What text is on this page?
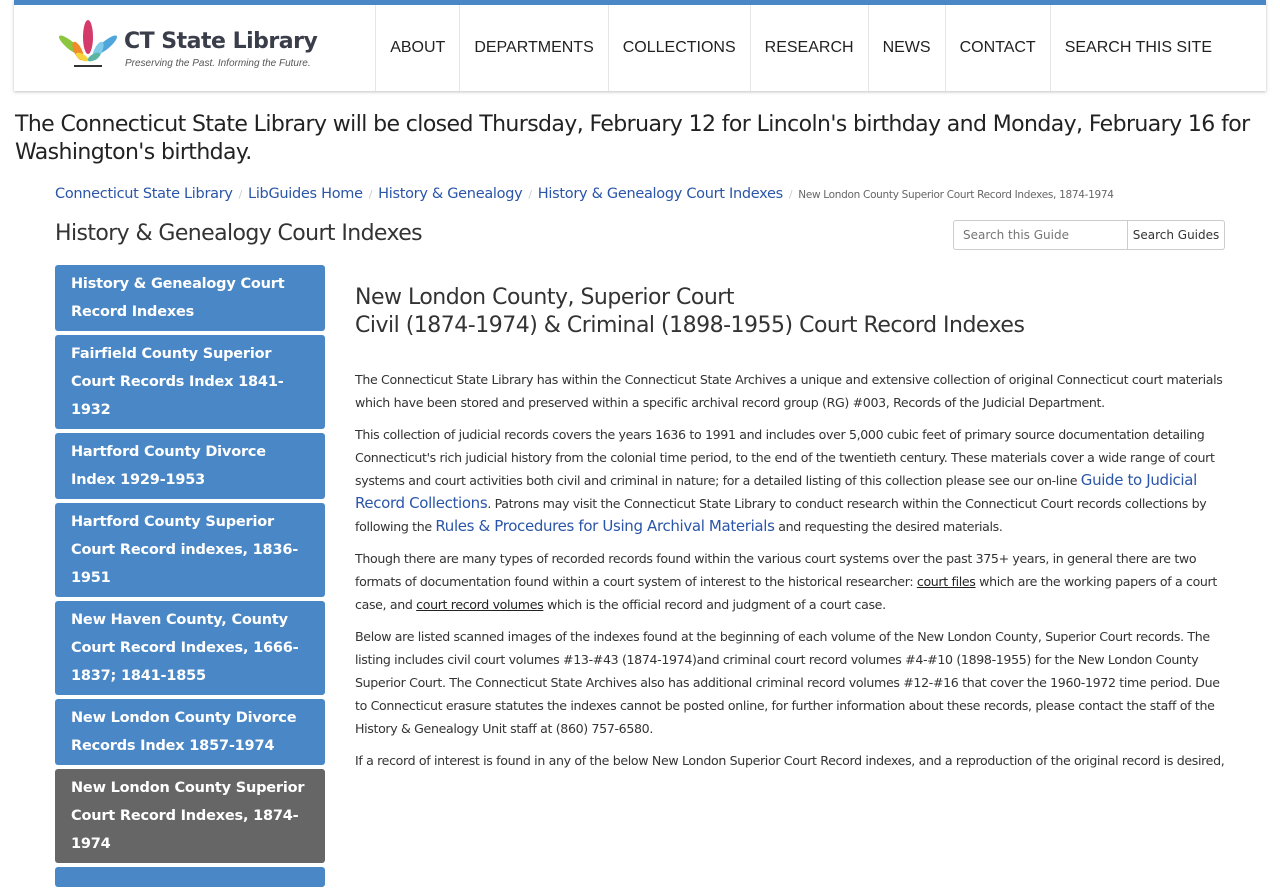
CT State Library
Preserving the Past. Informing the Future.
ABOUT	DEPARTMENTS	COLLECTIONS	RESEARCH	NEWS	CONTACT	SEARCH THIS SITE
The Connecticut State Library will be closed Thursday, February 12 for Lincoln's birthday and Monday, February 16 for Washington's birthday.
Connecticut State Library / LibGuides Home / History & Genealogy / History & Genealogy Court Indexes / New London County Superior Court Record Indexes, 1874-1974
History & Genealogy Court Indexes
Search this Guide	Search Guides
History & Genealogy Court Record Indexes
Fairfield County Superior Court Records Index 1841-1932
Hartford County Divorce Index 1929-1953
Hartford County Superior Court Record indexes, 1836-1951
New Haven County, County Court Record Indexes, 1666-1837; 1841-1855
New London County Divorce Records Index 1857-1974
New London County Superior Court Record Indexes, 1874-1974
New London County, Superior Court
Civil (1874-1974) & Criminal (1898-1955) Court Record Indexes

The Connecticut State Library has within the Connecticut State Archives a unique and extensive collection of original Connecticut court materials which have been stored and preserved within a specific archival record group (RG) #003, Records of the Judicial Department.

This collection of judicial records covers the years 1636 to 1991 and includes over 5,000 cubic feet of primary source documentation detailing Connecticut's rich judicial history from the colonial time period, to the end of the twentieth century. These materials cover a wide range of court systems and court activities both civil and criminal in nature; for a detailed listing of this collection please see our on-line Guide to Judicial Record Collections. Patrons may visit the Connecticut State Library to conduct research within the Connecticut Court records collections by following the Rules & Procedures for Using Archival Materials and requesting the desired materials.

Though there are many types of recorded records found within the various court systems over the past 375+ years, in general there are two formats of documentation found within a court system of interest to the historical researcher: court files which are the working papers of a court case, and court record volumes which is the official record and judgment of a court case.

Below are listed scanned images of the indexes found at the beginning of each volume of the New London County, Superior Court records. The listing includes civil court volumes #13-#43 (1874-1974)and criminal court record volumes #4-#10 (1898-1955) for the New London County Superior Court. The Connecticut State Archives also has additional criminal record volumes #12-#16 that cover the 1960-1972 time period. Due to Connecticut erasure statutes the indexes cannot be posted online, for further information about these records, please contact the staff of the History & Genealogy Unit staff at (860) 757-6580.

If a record of interest is found in any of the below New London Superior Court Record indexes, and a reproduction of the original record is desired,
